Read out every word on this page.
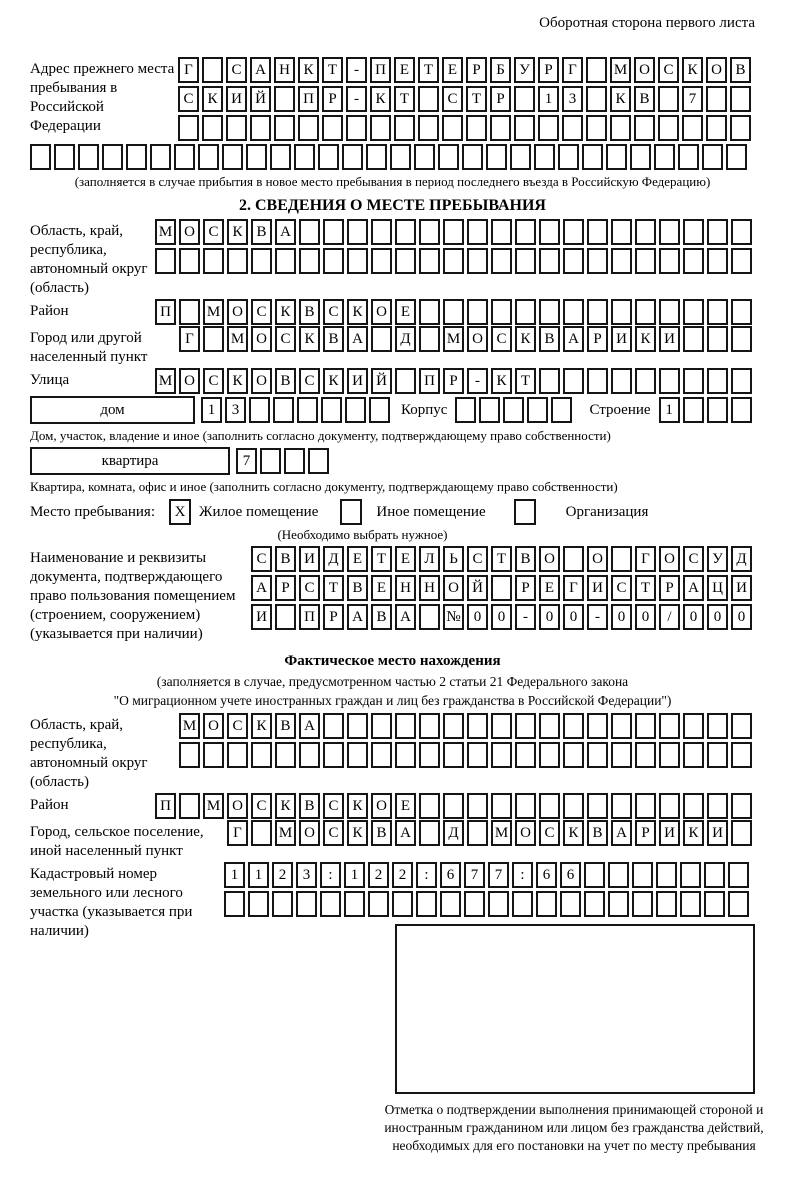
Оборотная сторона первого листа
Адрес прежнего места пребывания в Российской Федерации
Г	С А Н К Т	-	П Е Т Е	Р	Б У Р	Г	М О С К О В
С К И Й	П Р	-	К Т	С Т	Р	1	3	К В	7
(заполняется в случае прибытия в новое место пребывания в период последнего въезда в Российскую Федерацию)
2. СВЕДЕНИЯ О МЕСТЕ ПРЕБЫВАНИЯ
Область, край, республика, автономный округ (область)
М О С К В А
Район	П	М О С К В С К О Е
Город или другой населенный пункт
Г	М О С К В А	Д	М О С К В А Р И К И
Улица	М О С К О В С К И Й	П Р	-	К Т
дом	1	3	Корпус	Строение 1
Дом, участок, владение и иное (заполнить согласно документу, подтверждающему право собственности)
квартира	7
Квартира, комната, офис и иное (заполнить согласно документу, подтверждающему право собственности)
Место пребывания:	X Жилое помещение	Иное помещение	Организация
(Необходимо выбрать нужное)
Наименование и реквизиты документа, подтверждающего право пользования помещением (строением, сооружением) (указывается при наличии)
С В И Д Е Т Е Л Ь С Т В О	О	Г О С У Д
А Р С Т В Е Н Н О Й	Р	Е	Г И С Т	Р А Ц И
И	П Р А В А	№ 0	0	-	0	0	-	0	0	/	0	0	0
Фактическое место нахождения
(заполняется в случае, предусмотренном частью 2 статьи 21 Федерального закона
"О миграционном учете иностранных граждан и лиц без гражданства в Российской Федерации")
Область, край, республика, автономный округ (область)
М О С К В А
Район	П	М О С К В С К О Е
Город, сельское поселение, иной населенный пункт
Г	М О С К В А	Д	М О С К В А Р И К И
Кадастровый номер земельного или лесного участка (указывается при наличии)
1	1	2	3	:	1	2	2	:	6	7	7	:	6	6
Отметка о подтверждении выполнения принимающей стороной и иностранным гражданином или лицом без гражданства действий, необходимых для его постановки на учет по месту пребывания
